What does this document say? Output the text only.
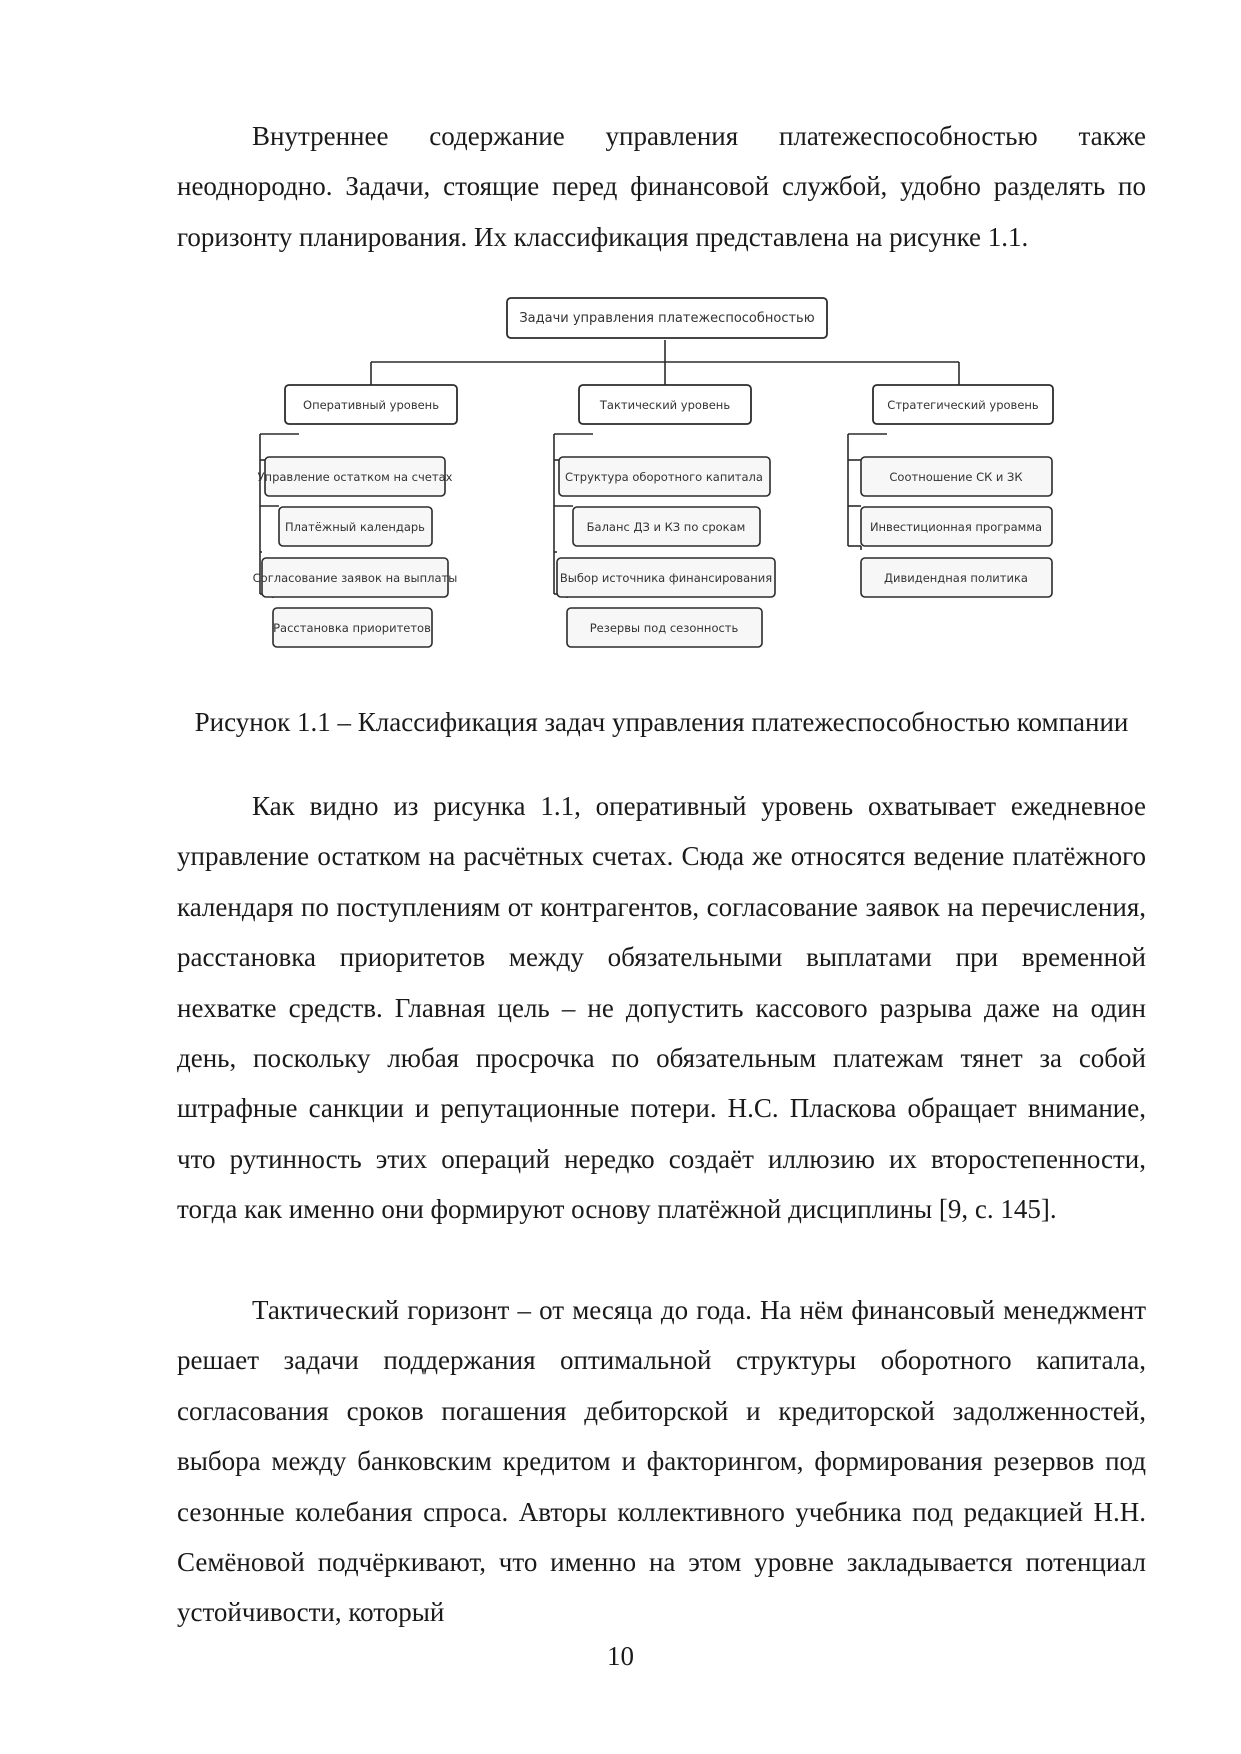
Внутреннее содержание управления платежеспособностью также неоднородно. Задачи, стоящие перед финансовой службой, удобно разделять по горизонту планирования. Их классификация представлена на рисунке 1.1.

Задачи управления платежеспособностью
Оперативный уровень	Тактический уровень	Стратегический уровень
Управление остатком на счетах
Платёжный календарь
Согласование заявок на выплаты
Расстановка приоритетов
Структура оборотного капитала
Баланс ДЗ и КЗ по срокам
Выбор источника финансирования
Резервы под сезонность
Соотношение СК и ЗК
Инвестиционная программа
Дивидендная политика

Рисунок 1.1 – Классификация задач управления платежеспособностью компании

Как видно из рисунка 1.1, оперативный уровень охватывает ежедневное управление остатком на расчётных счетах. Сюда же относятся ведение платёжного календаря по поступлениям от контрагентов, согласование заявок на перечисления, расстановка приоритетов между обязательными выплатами при временной нехватке средств. Главная цель – не допустить кассового разрыва даже на один день, поскольку любая просрочка по обязательным платежам тянет за собой штрафные санкции и репутационные потери. Н.С. Пласкова обращает внимание, что рутинность этих операций нередко создаёт иллюзию их второстепенности, тогда как именно они формируют основу платёжной дисциплины [9, с. 145].

Тактический горизонт – от месяца до года. На нём финансовый менеджмент решает задачи поддержания оптимальной структуры оборотного капитала, согласования сроков погашения дебиторской и кредиторской задолженностей, выбора между банковским кредитом и факторингом, формирования резервов под сезонные колебания спроса. Авторы коллективного учебника под редакцией Н.Н. Семёновой подчёркивают, что именно на этом уровне закладывается потенциал устойчивости, который

10
